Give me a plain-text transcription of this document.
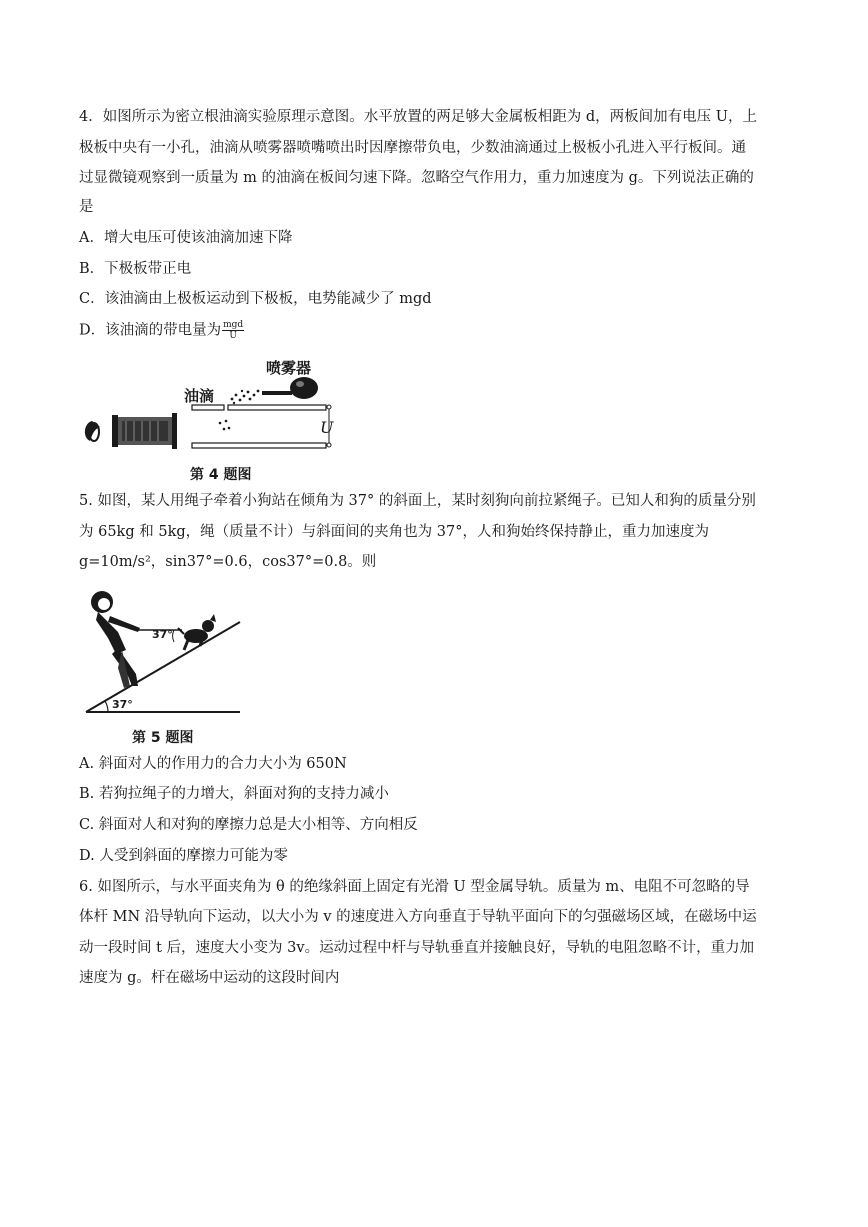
4．如图所示为密立根油滴实验原理示意图。水平放置的两足够大金属板相距为 d，两板间加有电压 U，上
极板中央有一小孔，油滴从喷雾器喷嘴喷出时因摩擦带负电，少数油滴通过上极板小孔进入平行板间。通
过显微镜观察到一质量为 m 的油滴在板间匀速下降。忽略空气作用力，重力加速度为 g。下列说法正确的
是
A．增大电压可使该油滴加速下降
B．下极板带正电
C．该油滴由上极板运动到下极板，电势能减少了 mgd
D．该油滴的带电量为 $\frac{\text{mgd}}{U}$
油滴
喷雾器
U
第 4 题图
5. 如图，某人用绳子牵着小狗站在倾角为 37° 的斜面上，某时刻狗向前拉紧绳子。已知人和狗的质量分别
为 65kg 和 5kg，绳（质量不计）与斜面间的夹角也为 37°，人和狗始终保持静止，重力加速度为
g=10m/s²，sin37°=0.6，cos37°=0.8。则
37°
37°
第 5 题图
A. 斜面对人的作用力的合力大小为 650N
B. 若狗拉绳子的力增大，斜面对狗的支持力减小
C. 斜面对人和对狗的摩擦力总是大小相等、方向相反
D. 人受到斜面的摩擦力可能为零
6. 如图所示，与水平面夹角为 θ 的绝缘斜面上固定有光滑 U 型金属导轨。质量为 m、电阻不可忽略的导
体杆 MN 沿导轨向下运动，以大小为 v 的速度进入方向垂直于导轨平面向下的匀强磁场区域，在磁场中运
动一段时间 t 后，速度大小变为 3v。运动过程中杆与导轨垂直并接触良好，导轨的电阻忽略不计，重力加
速度为 g。杆在磁场中运动的这段时间内
